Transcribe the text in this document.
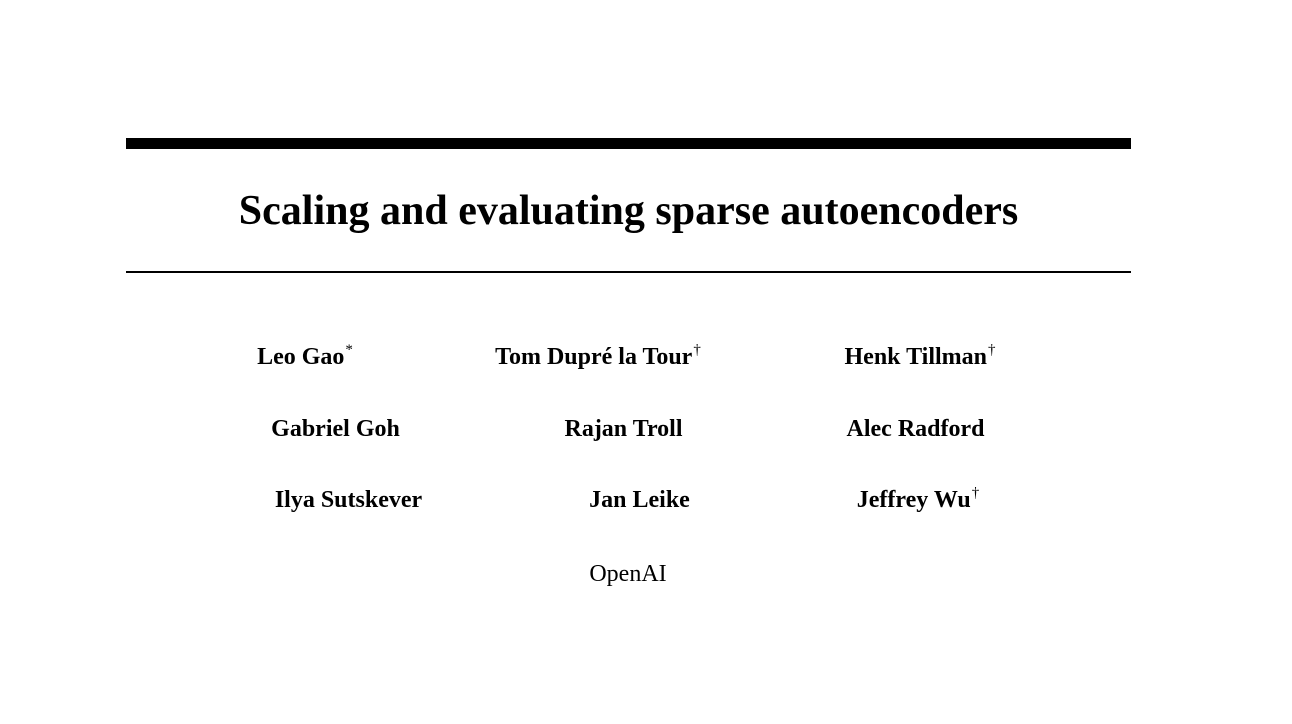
Scaling and evaluating sparse autoencoders
Leo Gao*	Tom Dupré la Tour†	Henk Tillman†
Gabriel Goh	Rajan Troll	Alec Radford
Ilya Sutskever	Jan Leike	Jeffrey Wu†
OpenAI
